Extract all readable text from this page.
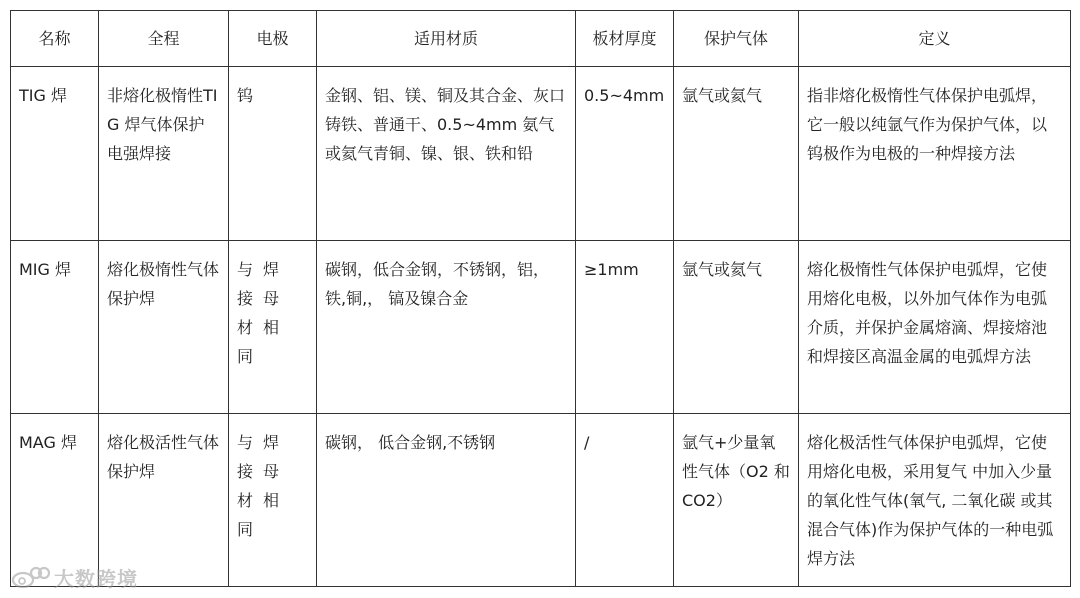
名称	全程	电极	适用材质	板材厚度	保护气体	定义
TIG 焊	非熔化极惰性TIG 焊气体保护电强焊接	钨	金钢、铝、镁、铜及其合金、灰口铸铁、普通干、0.5~4mm 氨气或氦气青铜、镍、银、铁和铅	0.5~4mm	氩气或氦气	指非熔化极惰性气体保护电弧焊，它一般以纯氩气作为保护气体，以钨极作为电极的一种焊接方法
MIG 焊	熔化极惰性气体保护焊	与焊接母材相同	碳钢，低合金钢，不锈钢，铝，铁,铜,， 镐及镍合金	≥1mm	氩气或氦气	熔化极惰性气体保护电弧焊，它使用熔化电极，以外加气体作为电弧 介质，并保护金属熔滴、焊接熔池和焊接区高温金属的电弧焊方法
MAG 焊	熔化极活性气体保护焊	与焊接母材相同	碳钢， 低合金钢,不锈钢	/	氩气+少量氧性气体（O2 和 CO2）	熔化极活性气体保护电弧焊，它使用熔化电极，采用复气 中加入少量的氧化性气体(氧气, 二氧化碳 或其混合气体)作为保护气体的一种电弧焊方法
大数跨境
